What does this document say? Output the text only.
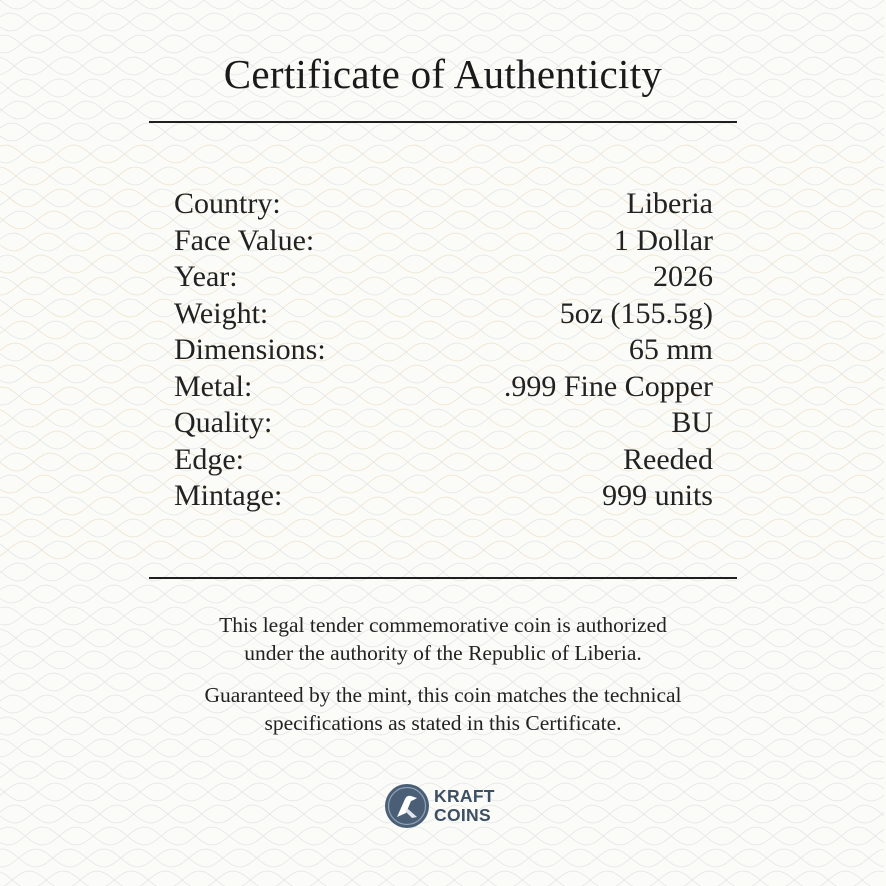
Certificate of Authenticity
Country:	Liberia
Face Value:	1 Dollar
Year:	2026
Weight:	5oz (155.5g)
Dimensions:	65 mm
Metal:	.999 Fine Copper
Quality:	BU
Edge:	Reeded
Mintage:	999 units
This legal tender commemorative coin is authorized
under the authority of the Republic of Liberia.
Guaranteed by the mint, this coin matches the technical
specifications as stated in this Certificate.
KRAFT
COINS
